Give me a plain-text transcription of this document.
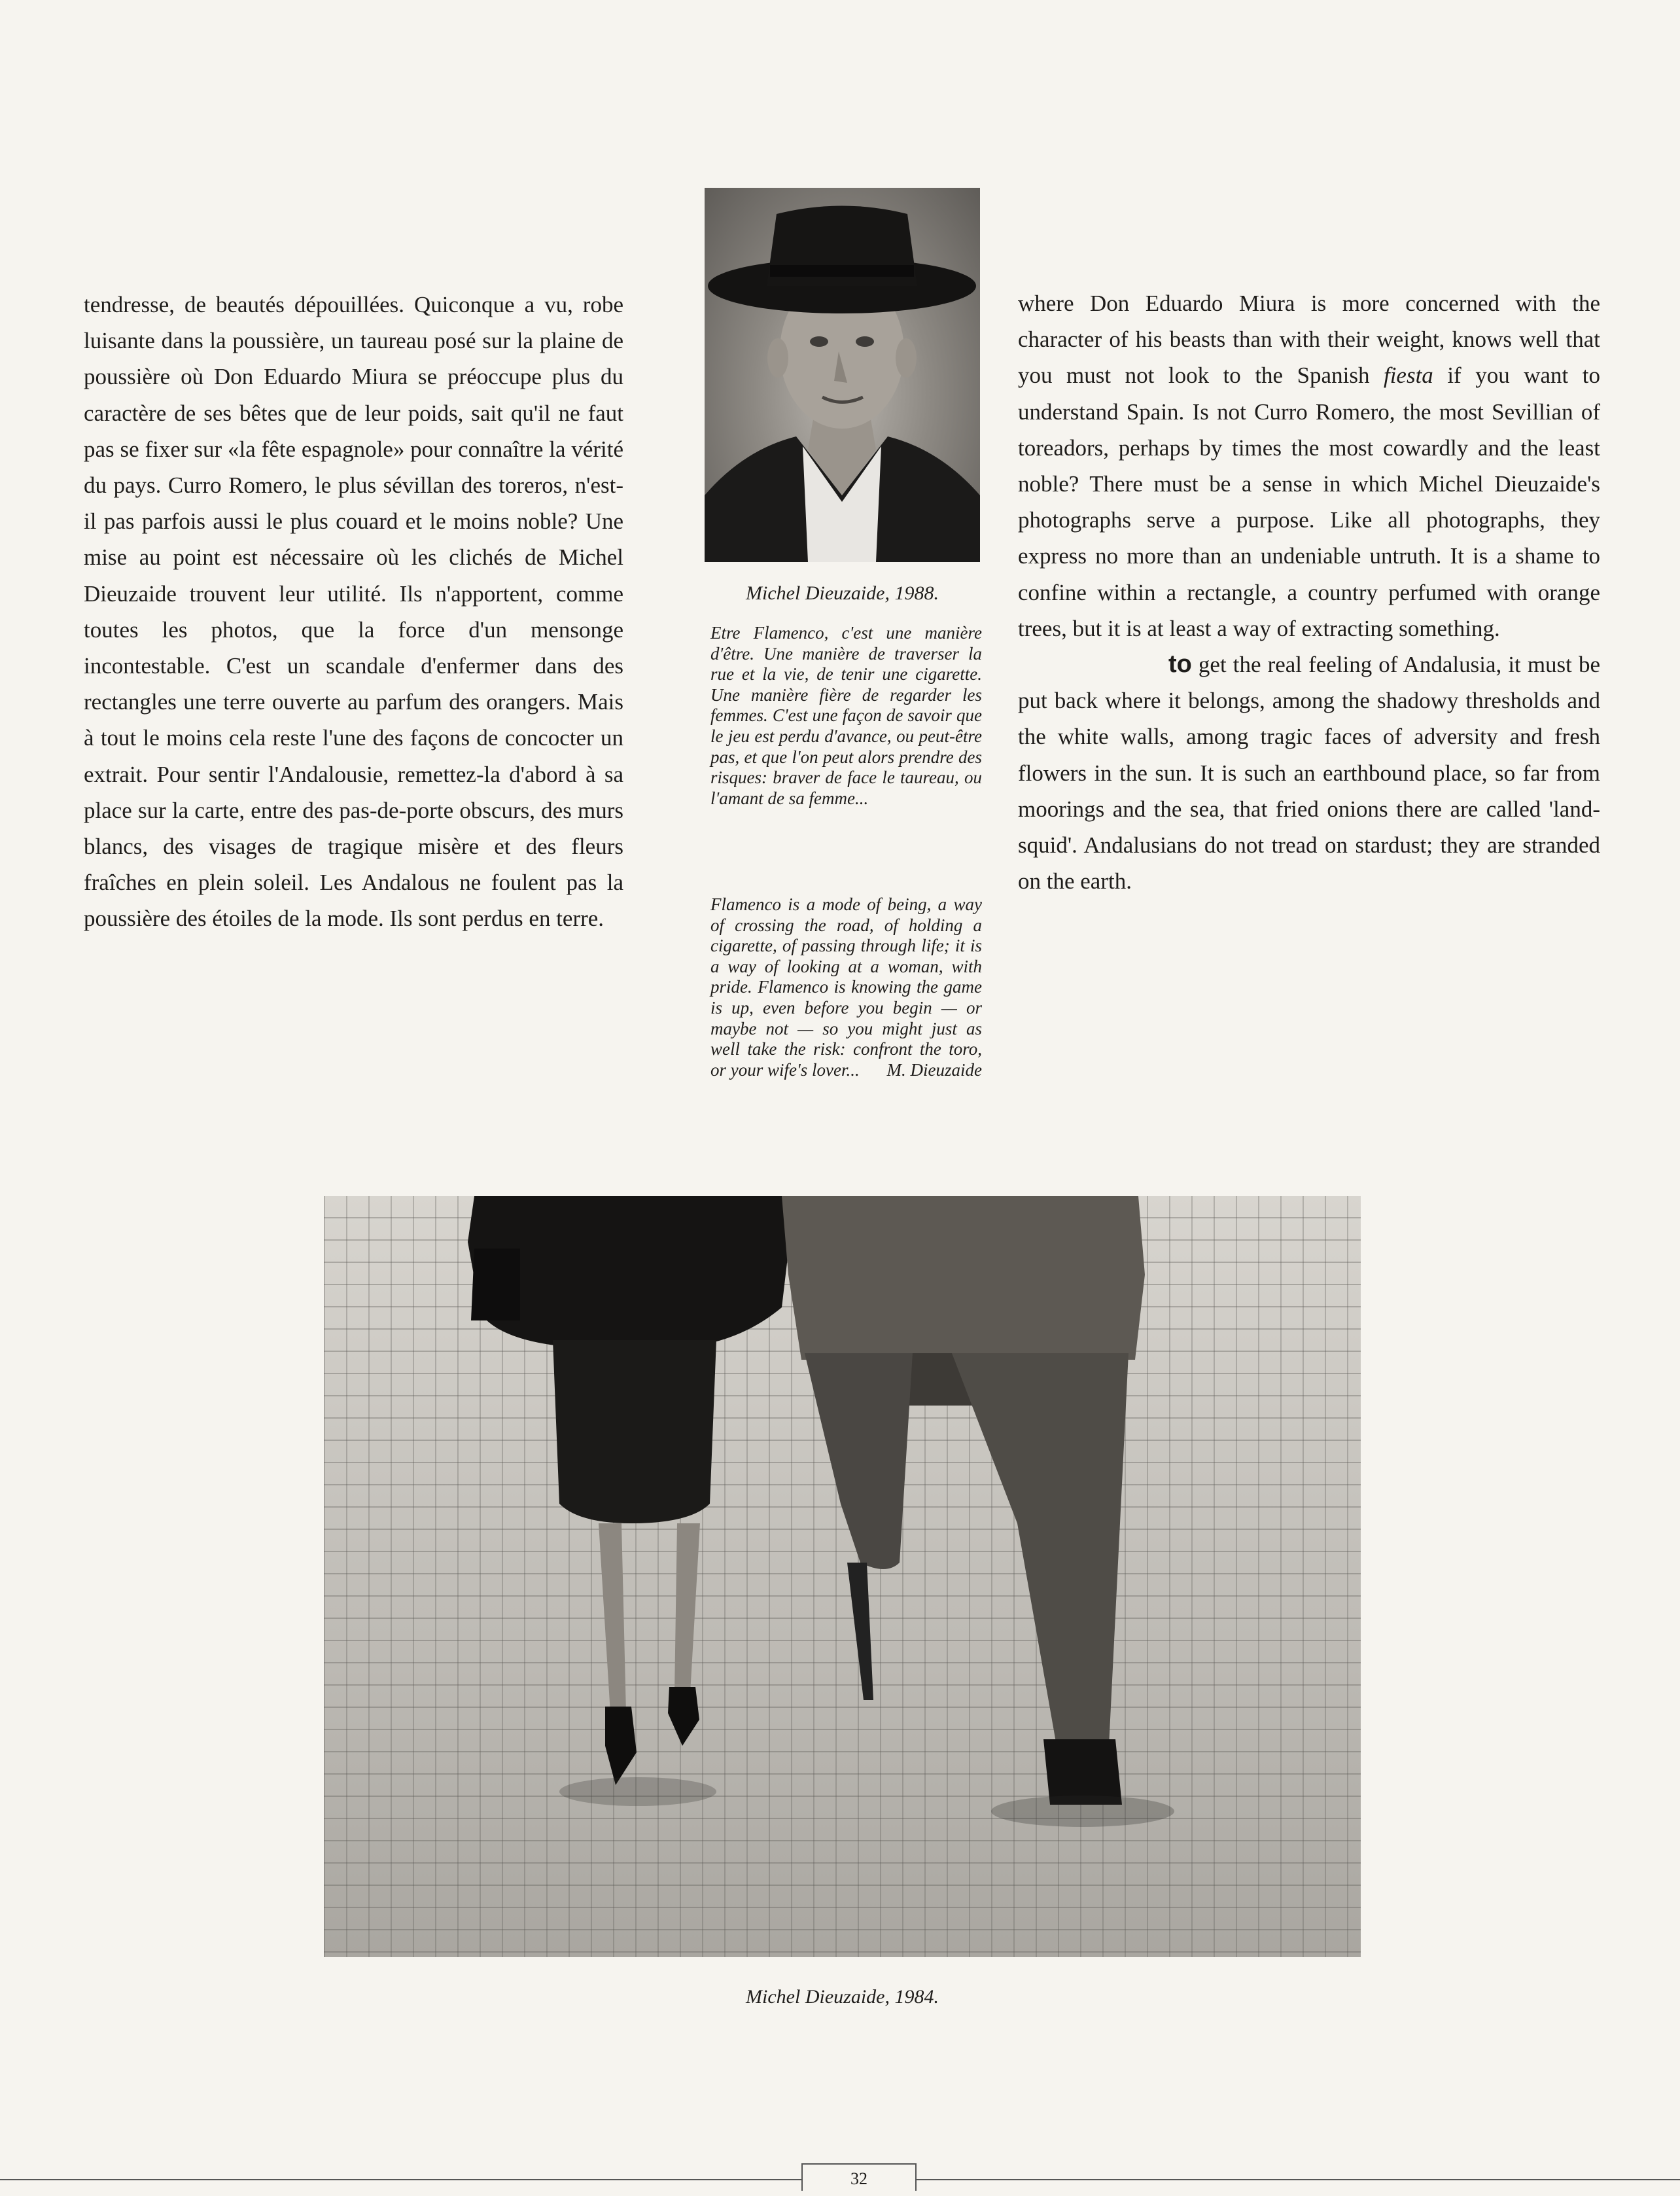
tendresse, de beautés dépouillées. Quiconque a vu, robe luisante dans la poussière, un taureau posé sur la plaine de poussière où Don Eduardo Miura se préoccupe plus du caractère de ses bêtes que de leur poids, sait qu'il ne faut pas se fixer sur «la fête espagnole» pour connaître la vérité du pays. Curro Romero, le plus sévillan des toreros, n'est-il pas parfois aussi le plus couard et le moins noble? Une mise au point est nécessaire où les clichés de Michel Dieuzaide trouvent leur utilité. Ils n'apportent, comme toutes les photos, que la force d'un mensonge incontestable. C'est un scandale d'enfermer dans des rectangles une terre ouverte au parfum des orangers. Mais à tout le moins cela reste l'une des façons de concocter un extrait. Pour sentir l'Andalousie, remettez-la d'abord à sa place sur la carte, entre des pas-de-porte obscurs, des murs blancs, des visages de tragique misère et des fleurs fraîches en plein soleil. Les Andalous ne foulent pas la poussière des étoiles de la mode. Ils sont perdus en terre.

Michel Dieuzaide, 1988.

Etre Flamenco, c'est une manière d'être. Une manière de traverser la rue et la vie, de tenir une cigarette. Une manière fière de regarder les femmes. C'est une façon de savoir que le jeu est perdu d'avance, ou peut-être pas, et que l'on peut alors prendre des risques: braver de face le taureau, ou l'amant de sa femme...

Flamenco is a mode of being, a way of crossing the road, of holding a cigarette, of passing through life; it is a way of looking at a woman, with pride. Flamenco is knowing the game is up, even before you begin — or maybe not — so you might just as well take the risk: confront the toro, or your wife's lover... M. Dieuzaide

where Don Eduardo Miura is more concerned with the character of his beasts than with their weight, knows well that you must not look to the Spanish fiesta if you want to understand Spain. Is not Curro Romero, the most Sevillian of toreadors, perhaps by times the most cowardly and the least noble? There must be a sense in which Michel Dieuzaide's photographs serve a purpose. Like all photographs, they express no more than an undeniable untruth. It is a shame to confine within a rectangle, a country perfumed with orange trees, but it is at least a way of extracting something.

to get the real feeling of Andalusia, it must be put back where it belongs, among the shadowy thresholds and the white walls, among tragic faces of adversity and fresh flowers in the sun. It is such an earthbound place, so far from moorings and the sea, that fried onions there are called 'land-squid'. Andalusians do not tread on stardust; they are stranded on the earth.

Michel Dieuzaide, 1984.
32
